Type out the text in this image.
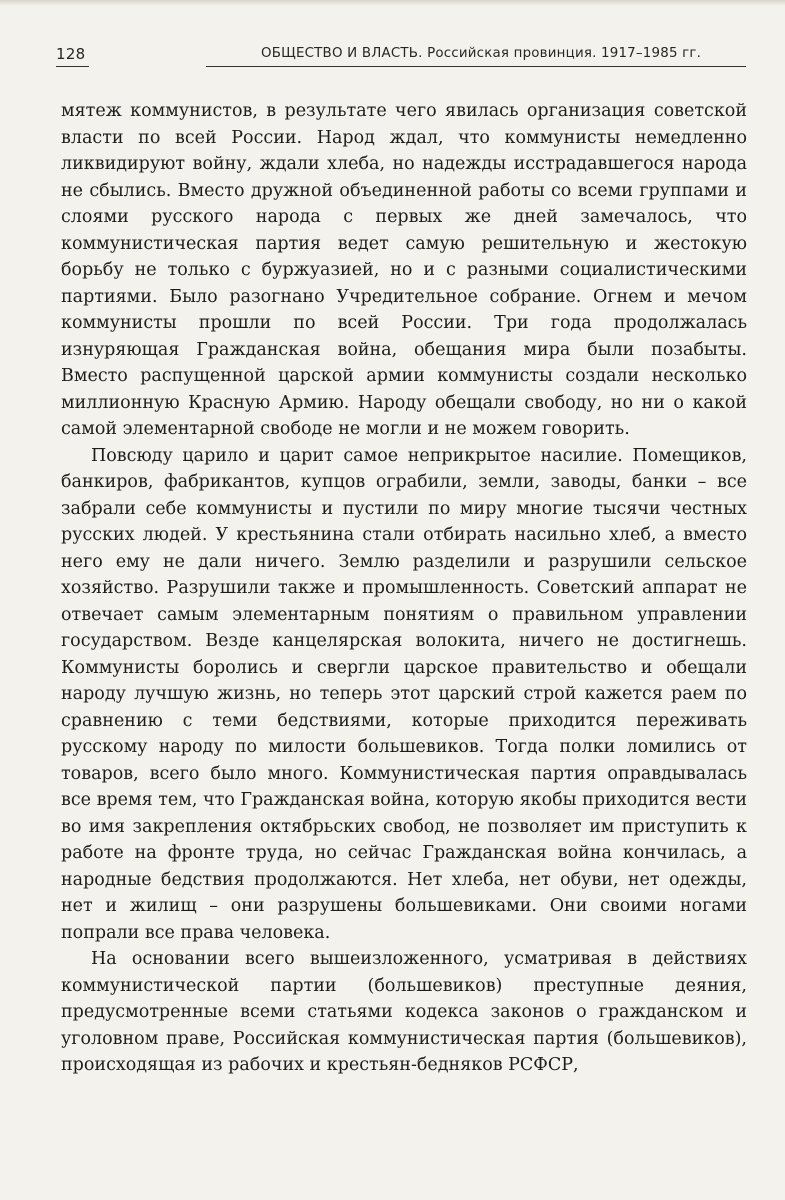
128	ОБЩЕСТВО И ВЛАСТЬ. Российская провинция. 1917–1985 гг.

мятеж коммунистов, в результате чего явилась организация советской власти по всей России. Народ ждал, что коммунисты немедленно ликвидируют войну, ждали хлеба, но надежды исстрадавшегося народа не сбылись. Вместо дружной объединенной работы со всеми группами и слоями русского народа с первых же дней замечалось, что коммунистическая партия ведет самую решительную и жестокую борьбу не только с буржуазией, но и с разными социалистическими партиями. Было разогнано Учредительное собрание. Огнем и мечом коммунисты прошли по всей России. Три года продолжалась изнуряющая Гражданская война, обещания мира были позабыты. Вместо распущенной царской армии коммунисты создали несколько миллионную Красную Армию. Народу обещали свободу, но ни о какой самой элементарной свободе не могли и не можем говорить.

Повсюду царило и царит самое неприкрытое насилие. Помещиков, банкиров, фабрикантов, купцов ограбили, земли, заводы, банки – все забрали себе коммунисты и пустили по миру многие тысячи честных русских людей. У крестьянина стали отбирать насильно хлеб, а вместо него ему не дали ничего. Землю разделили и разрушили сельское хозяйство. Разрушили также и промышленность. Советский аппарат не отвечает самым элементарным понятиям о правильном управлении государством. Везде канцелярская волокита, ничего не достигнешь. Коммунисты боролись и свергли царское правительство и обещали народу лучшую жизнь, но теперь этот царский строй кажется раем по сравнению с теми бедствиями, которые приходится переживать русскому народу по милости большевиков. Тогда полки ломились от товаров, всего было много. Коммунистическая партия оправдывалась все время тем, что Гражданская война, которую якобы приходится вести во имя закрепления октябрьских свобод, не позволяет им приступить к работе на фронте труда, но сейчас Гражданская война кончилась, а народные бедствия продолжаются. Нет хлеба, нет обуви, нет одежды, нет и жилищ – они разрушены большевиками. Они своими ногами попрали все права человека.

На основании всего вышеизложенного, усматривая в действиях коммунистической партии (большевиков) преступные деяния, предусмотренные всеми статьями кодекса законов о гражданском и уголовном праве, Российская коммунистическая партия (большевиков), происходящая из рабочих и крестьян-бедняков РСФСР,
